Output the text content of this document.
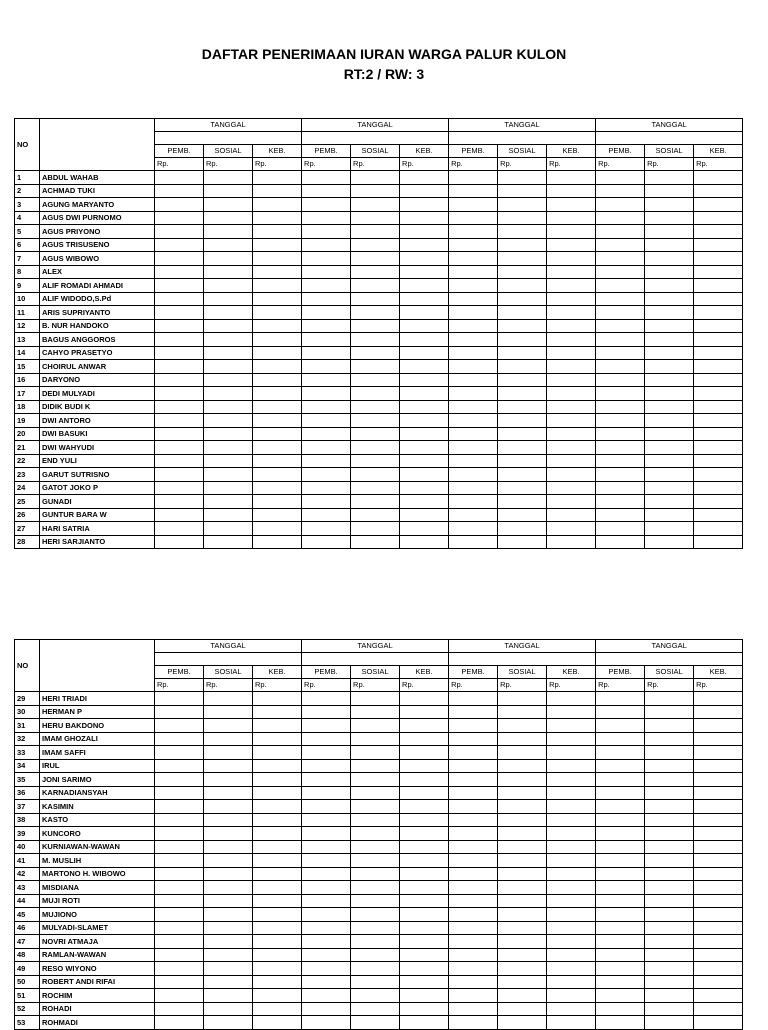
DAFTAR PENERIMAAN IURAN WARGA PALUR KULON
RT:2 / RW: 3
NO		TANGGAL			TANGGAL			TANGGAL			TANGGAL		

		PEMB.	SOSIAL	KEB.	PEMB.	SOSIAL	KEB.	PEMB.	SOSIAL	KEB.	PEMB.	SOSIAL	KEB.
		Rp.	Rp.	Rp.	Rp.	Rp.	Rp.	Rp.	Rp.	Rp.	Rp.	Rp.	Rp.
1	ABDUL WAHAB												
2	ACHMAD TUKI												
3	AGUNG MARYANTO												
4	AGUS DWI PURNOMO												
5	AGUS PRIYONO												
6	AGUS TRISUSENO												
7	AGUS WIBOWO												
8	ALEX												
9	ALIF ROMADI AHMADI												
10	ALIF WIDODO,S.Pd												
11	ARIS SUPRIYANTO												
12	B. NUR HANDOKO												
13	BAGUS ANGGOROS												
14	CAHYO PRASETYO												
15	CHOIRUL ANWAR												
16	DARYONO												
17	DEDI MULYADI												
18	DIDIK BUDI K												
19	DWI ANTORO												
20	DWI BASUKI												
21	DWI WAHYUDI												
22	END YULI												
23	GARUT SUTRISNO												
24	GATOT JOKO P												
25	GUNADI												
26	GUNTUR BARA W												
27	HARI SATRIA												
28	HERI SARJIANTO												
NO		TANGGAL			TANGGAL			TANGGAL			TANGGAL		

		PEMB.	SOSIAL	KEB.	PEMB.	SOSIAL	KEB.	PEMB.	SOSIAL	KEB.	PEMB.	SOSIAL	KEB.
		Rp.	Rp.	Rp.	Rp.	Rp.	Rp.	Rp.	Rp.	Rp.	Rp.	Rp.	Rp.
29	HERI TRIADI												
30	HERMAN P												
31	HERU BAKDONO												
32	IMAM GHOZALI												
33	IMAM SAFFI												
34	IRUL												
35	JONI SARIMO												
36	KARNADIANSYAH												
37	KASIMIN												
38	KASTO												
39	KUNCORO												
40	KURNIAWAN-WAWAN												
41	M. MUSLIH												
42	MARTONO H. WIBOWO												
43	MISDIANA												
44	MUJI ROTI												
45	MUJIONO												
46	MULYADI-SLAMET												
47	NOVRI ATMAJA												
48	RAMLAN-WAWAN												
49	RESO WIYONO												
50	ROBERT ANDI RIFAI												
51	ROCHIM												
52	ROHADI												
53	ROHMADI												
